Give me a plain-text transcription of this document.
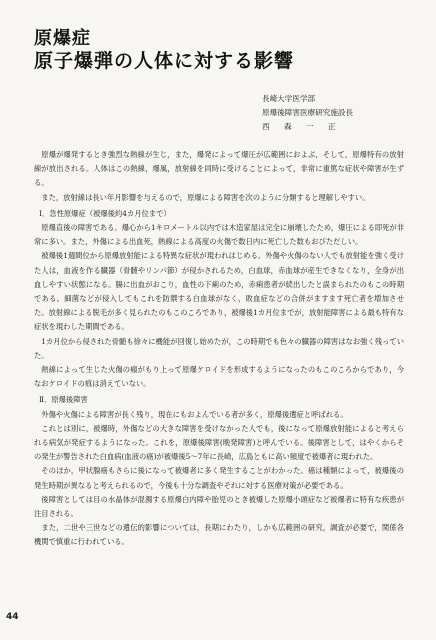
原爆症
原子爆弾の人体に対する影響
長崎大学医学部
原爆後障害医療研究施設長
西 森 一 正

原爆が爆発するとき強烈な熱線が生じ，また，爆発によって爆圧が広範囲におよぶ，そして，原爆特有の放射線が放出される。人体はこの熱線，爆風，放射線を同時に受けることによって，非常に重篤な症状や障害が生ずる。

また，放射線は長い年月影響を与えるので，原爆による障害を次のように分類すると理解しやすい。

Ⅰ．急性原爆症（被爆後約4カ月位まで）

原爆直後の障害である。爆心から1キロメートル以内では木造家屋は完全に崩壊したため，爆圧による即死が非常に多い。また，外傷による出血死，熱線による高度の火傷で数日内に死亡した数もおびただしい。

被爆後1週間位から原爆放射能による特異な症状が現われはじめる。外傷や火傷のない人でも放射能を強く受けた人は，血液を作る臓器（骨髄やリンパ節）が侵かされるため，白血球，赤血球が産生できなくなり，全身が出血しやすい状態になる。腸に出血がおこり，血性の下痢のため，赤痢患者が続出したと誤まられたのもこの時期である。細菌などが侵入してもこれを防禦する白血球がなく，敗血症などの合併がますます死亡者を増加させた。放射線による脱毛が多く見られたのもこのころであり，被爆後1カ月位までが，放射能障害による最も特有な症状を現わした期間である。

1カ月位から侵された骨髄も徐々に機能が回復し始めたが，この時期でも色々の臓器の障害はなお強く残っていた。

熱線によって生じた火傷の瘢がもり上って原爆ケロイドを形成するようになったのもこのころからであり，今なおケロイドの痕は消えていない。

Ⅱ．原爆後障害

外傷や火傷による障害が長く残り，現在にもおよんでいる者が多く，原爆後遺症と呼ばれる。

これとは別に，被爆時，外傷などの大きな障害を受けなかった人でも，後になって原爆放射能によると考えられる病気が発症するようになった。これを，原爆後障害(晩発障害)と呼んでいる。後障害として，はやくからその発生が警告された白血病(血液の癌)が被爆後5～7年に長崎，広島ともに高い頻度で被爆者に現われた。

そのほか，甲状腺癌もさらに後になって被爆者に多く発生することがわかった。癌は種類によって，被爆後の発生時期が異なると考えられるので，今後も十分な調査やそれに対する医療対策が必要である。

後障害としては目の水晶体が混濁する原爆白内障や胎児のとき被爆した原爆小頭症など被爆者に特有な疾患が注目される。

また，二世や三世などの遺伝的影響については，長期にわたり，しかも広範囲の研究，調査が必要で，関係各機関で慎重に行われている。

44
